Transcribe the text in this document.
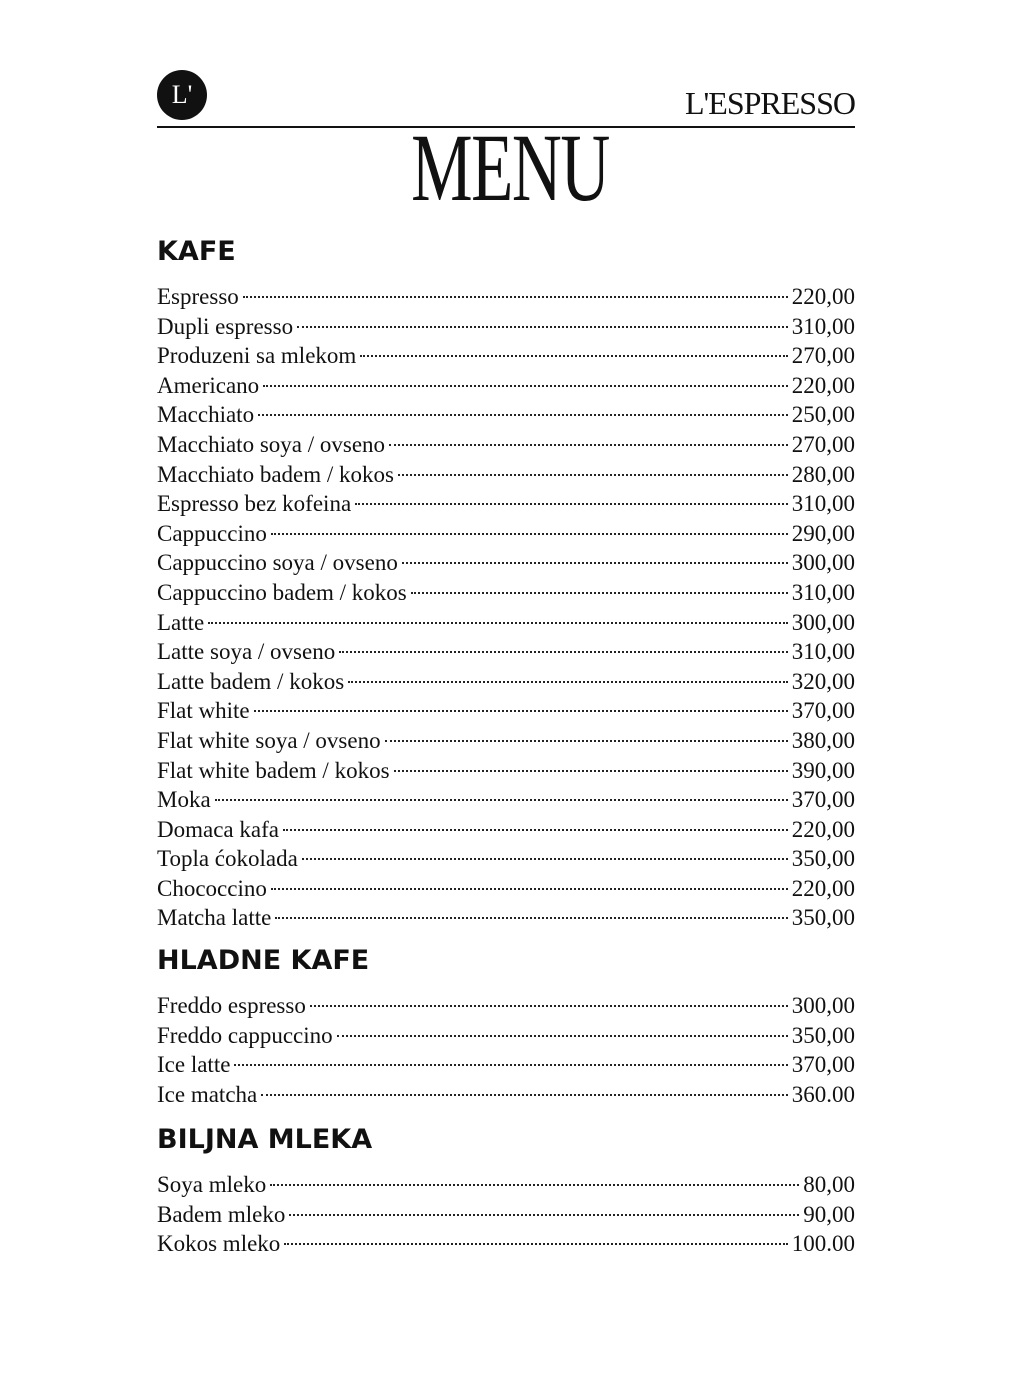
L'	L'ESPRESSO
MENU
KAFE
Espresso	220,00
Dupli espresso	310,00
Produzeni sa mlekom	270,00
Americano	220,00
Macchiato	250,00
Macchiato soya / ovseno	270,00
Macchiato badem / kokos	280,00
Espresso bez kofeina	310,00
Cappuccino	290,00
Cappuccino soya / ovseno	300,00
Cappuccino badem / kokos	310,00
Latte	300,00
Latte soya / ovseno	310,00
Latte badem / kokos	320,00
Flat white	370,00
Flat white soya / ovseno	380,00
Flat white badem / kokos	390,00
Moka	370,00
Domaca kafa	220,00
Topla ćokolada	350,00
Chococcino	220,00
Matcha latte	350,00
HLADNE KAFE
Freddo espresso	300,00
Freddo cappuccino	350,00
Ice latte	370,00
Ice matcha	360.00
BILJNA MLEKA
Soya mleko	80,00
Badem mleko	90,00
Kokos mleko	100.00
